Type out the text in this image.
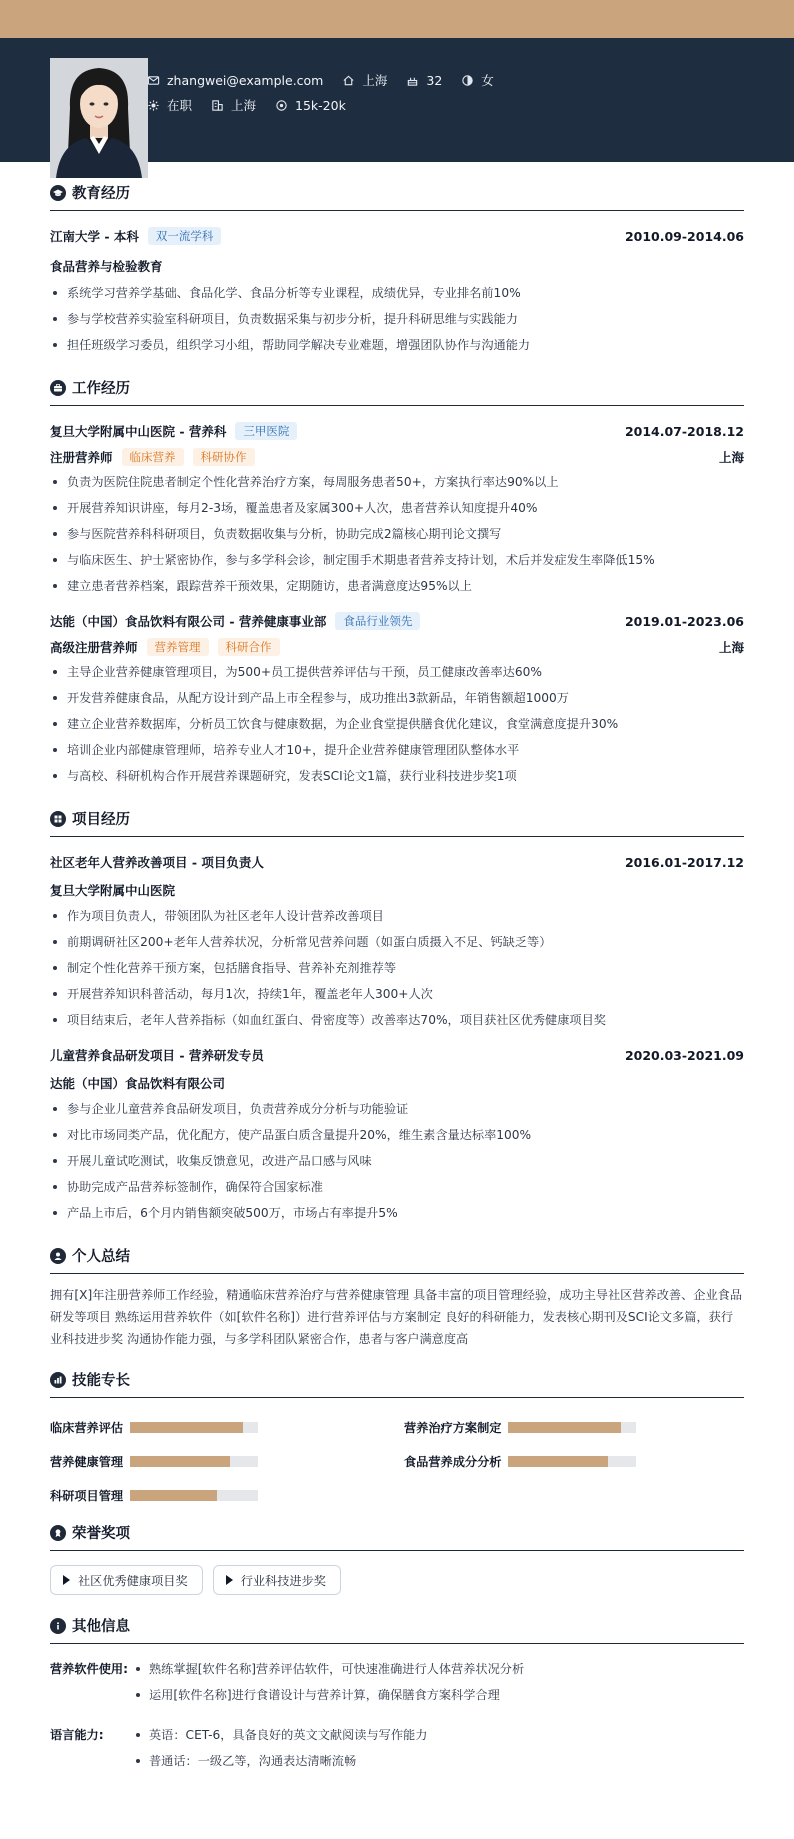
zhangwei@example.com	上海	32	女
在职	上海	15k-20k
教育经历
江南大学 - 本科	双一流学科	2010.09-2014.06
食品营养与检验教育
系统学习营养学基础、食品化学、食品分析等专业课程，成绩优异，专业排名前10%
参与学校营养实验室科研项目，负责数据采集与初步分析，提升科研思维与实践能力
担任班级学习委员，组织学习小组，帮助同学解决专业难题，增强团队协作与沟通能力
工作经历
复旦大学附属中山医院 - 营养科	三甲医院	2014.07-2018.12
注册营养师	临床营养	科研协作	上海
负责为医院住院患者制定个性化营养治疗方案，每周服务患者50+，方案执行率达90%以上
开展营养知识讲座，每月2-3场，覆盖患者及家属300+人次，患者营养认知度提升40%
参与医院营养科科研项目，负责数据收集与分析，协助完成2篇核心期刊论文撰写
与临床医生、护士紧密协作，参与多学科会诊，制定围手术期患者营养支持计划，术后并发症发生率降低15%
建立患者营养档案，跟踪营养干预效果，定期随访，患者满意度达95%以上
达能（中国）食品饮料有限公司 - 营养健康事业部	食品行业领先	2019.01-2023.06
高级注册营养师	营养管理	科研合作	上海
主导企业营养健康管理项目，为500+员工提供营养评估与干预，员工健康改善率达60%
开发营养健康食品，从配方设计到产品上市全程参与，成功推出3款新品，年销售额超1000万
建立企业营养数据库，分析员工饮食与健康数据，为企业食堂提供膳食优化建议，食堂满意度提升30%
培训企业内部健康管理师，培养专业人才10+，提升企业营养健康管理团队整体水平
与高校、科研机构合作开展营养课题研究，发表SCI论文1篇，获行业科技进步奖1项
项目经历
社区老年人营养改善项目 - 项目负责人	2016.01-2017.12
复旦大学附属中山医院
作为项目负责人，带领团队为社区老年人设计营养改善项目
前期调研社区200+老年人营养状况，分析常见营养问题（如蛋白质摄入不足、钙缺乏等）
制定个性化营养干预方案，包括膳食指导、营养补充剂推荐等
开展营养知识科普活动，每月1次，持续1年，覆盖老年人300+人次
项目结束后，老年人营养指标（如血红蛋白、骨密度等）改善率达70%，项目获社区优秀健康项目奖
儿童营养食品研发项目 - 营养研发专员	2020.03-2021.09
达能（中国）食品饮料有限公司
参与企业儿童营养食品研发项目，负责营养成分分析与功能验证
对比市场同类产品，优化配方，使产品蛋白质含量提升20%，维生素含量达标率100%
开展儿童试吃测试，收集反馈意见，改进产品口感与风味
协助完成产品营养标签制作，确保符合国家标准
产品上市后，6个月内销售额突破500万，市场占有率提升5%
个人总结
拥有[X]年注册营养师工作经验，精通临床营养治疗与营养健康管理 具备丰富的项目管理经验，成功主导社区营养改善、企业食品研发等项目 熟练运用营养软件（如[软件名称]）进行营养评估与方案制定 良好的科研能力，发表核心期刊及SCI论文多篇，获行业科技进步奖 沟通协作能力强，与多学科团队紧密合作，患者与客户满意度高
技能专长
临床营养评估	营养治疗方案制定
营养健康管理	食品营养成分分析
科研项目管理
荣誉奖项
社区优秀健康项目奖	行业科技进步奖
其他信息
营养软件使用:	熟练掌握[软件名称]营养评估软件，可快速准确进行人体营养状况分析
运用[软件名称]进行食谱设计与营养计算，确保膳食方案科学合理
语言能力:	英语：CET-6，具备良好的英文文献阅读与写作能力
普通话：一级乙等，沟通表达清晰流畅
